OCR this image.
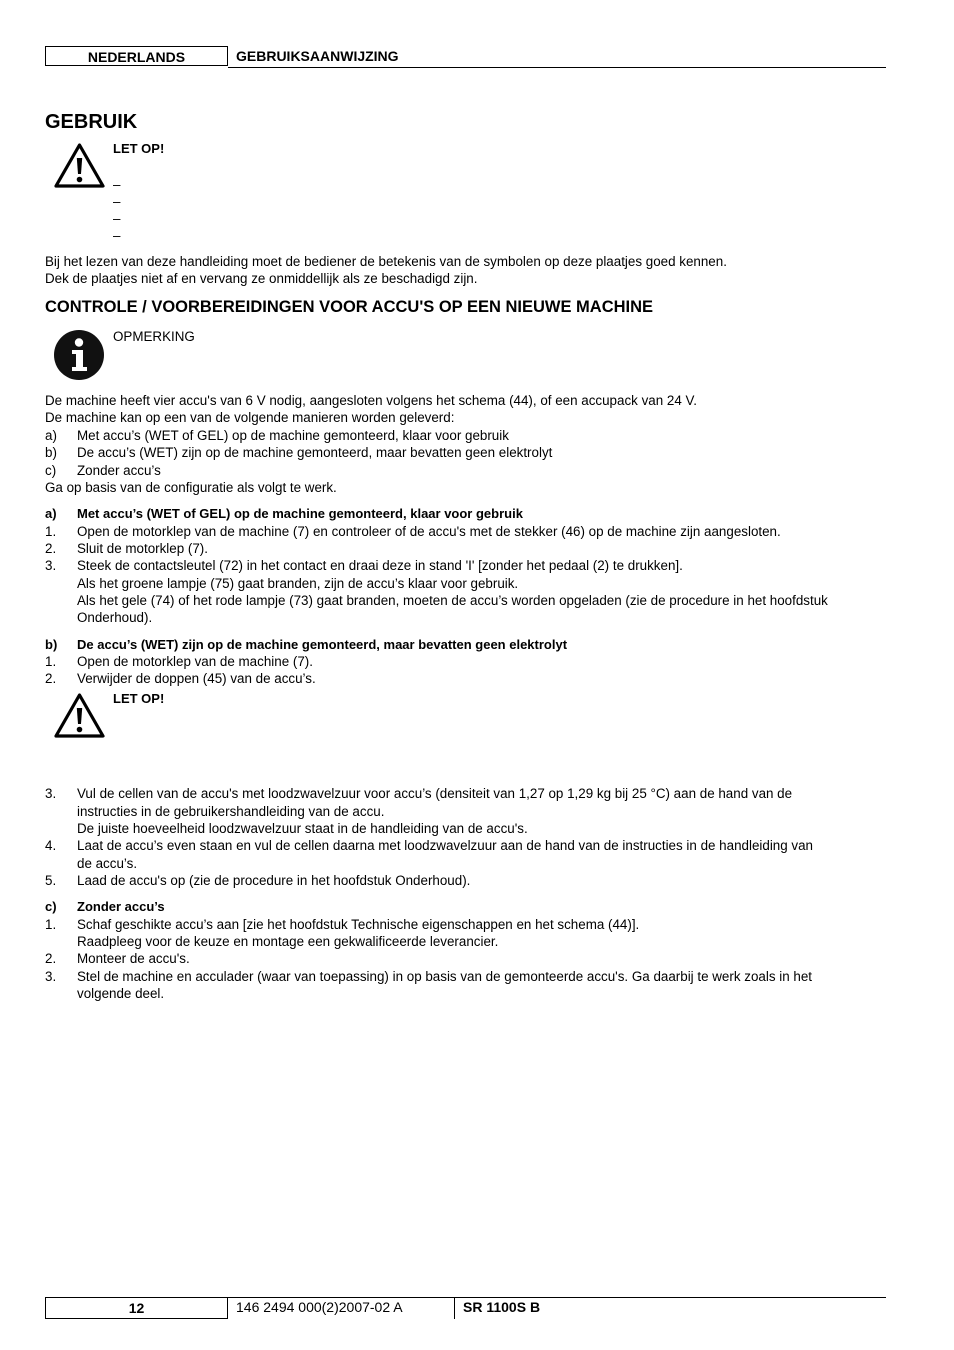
NEDERLANDS	GEBRUIKSAANWIJZING
GEBRUIK
LET OP!
–
–
–
–
Bij het lezen van deze handleiding moet de bediener de betekenis van de symbolen op deze plaatjes goed kennen.
Dek de plaatjes niet af en vervang ze onmiddellijk als ze beschadigd zijn.
CONTROLE / VOORBEREIDINGEN VOOR ACCU'S OP EEN NIEUWE MACHINE
OPMERKING
De machine heeft vier accu's van 6 V nodig, aangesloten volgens het schema (44), of een accupack van 24 V.
De machine kan op een van de volgende manieren worden geleverd:
a)	Met accu’s (WET of GEL) op de machine gemonteerd, klaar voor gebruik
b)	De accu’s (WET) zijn op de machine gemonteerd, maar bevatten geen elektrolyt
c)	Zonder accu’s
Ga op basis van de configuratie als volgt te werk.
a)	Met accu’s (WET of GEL) op de machine gemonteerd, klaar voor gebruik
1.	Open de motorklep van de machine (7) en controleer of de accu's met de stekker (46) op de machine zijn aangesloten.
2.	Sluit de motorklep (7).
3.	Steek de contactsleutel (72) in het contact en draai deze in stand 'I' [zonder het pedaal (2) te drukken].
Als het groene lampje (75) gaat branden, zijn de accu’s klaar voor gebruik.
Als het gele (74) of het rode lampje (73) gaat branden, moeten de accu’s worden opgeladen (zie de procedure in het hoofdstuk
Onderhoud).
b)	De accu’s (WET) zijn op de machine gemonteerd, maar bevatten geen elektrolyt
1.	Open de motorklep van de machine (7).
2.	Verwijder de doppen (45) van de accu’s.
LET OP!
3.	Vul de cellen van de accu's met loodzwavelzuur voor accu’s (densiteit van 1,27 op 1,29 kg bij 25 °C) aan de hand van de
instructies in de gebruikershandleiding van de accu.
De juiste hoeveelheid loodzwavelzuur staat in de handleiding van de accu's.
4.	Laat de accu’s even staan en vul de cellen daarna met loodzwavelzuur aan de hand van de instructies in de handleiding van
de accu’s.
5.	Laad de accu's op (zie de procedure in het hoofdstuk Onderhoud).
c)	Zonder accu’s
1.	Schaf geschikte accu’s aan [zie het hoofdstuk Technische eigenschappen en het schema (44)].
Raadpleeg voor de keuze en montage een gekwalificeerde leverancier.
2.	Monteer de accu's.
3.	Stel de machine en acculader (waar van toepassing) in op basis van de gemonteerde accu's. Ga daarbij te werk zoals in het
volgende deel.
12	146 2494 000(2)2007-02 A	SR 1100S B
